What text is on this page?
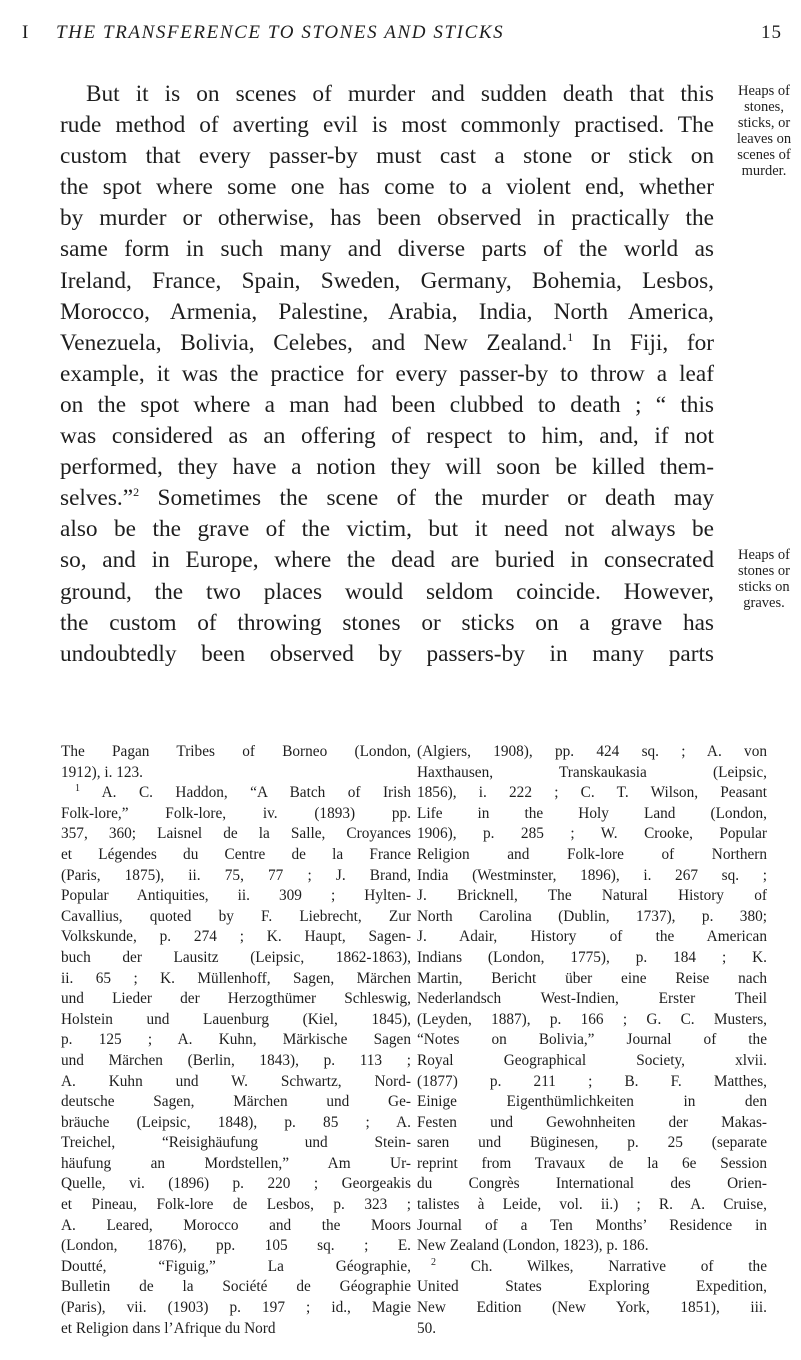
I THE TRANSFERENCE TO STONES AND STICKS	15
But it is on scenes of murder and sudden death that this
rude method of averting evil is most commonly practised. The
custom that every passer-by must cast a stone or stick on
the spot where some one has come to a violent end, whether
by murder or otherwise, has been observed in practically the
same form in such many and diverse parts of the world as
Ireland, France, Spain, Sweden, Germany, Bohemia, Lesbos,
Morocco, Armenia, Palestine, Arabia, India, North America,
Venezuela, Bolivia, Celebes, and New Zealand.$^1$ In Fiji, for
example, it was the practice for every passer-by to throw a leaf
on the spot where a man had been clubbed to death ; “ this
was considered as an offering of respect to him, and, if not
performed, they have a notion they will soon be killed them-
selves.”$^2$ Sometimes the scene of the murder or death may
also be the grave of the victim, but it need not always be
so, and in Europe, where the dead are buried in consecrated
ground, the two places would seldom coincide. However,
the custom of throwing stones or sticks on a grave has
undoubtedly been observed by passers-by in many parts
Heaps of
stones,
sticks, or
leaves on
scenes of
murder.
Heaps of
stones or
sticks on
graves.
The Pagan Tribes of Borneo (London,
1912), i. 123.
$^1$ A. C. Haddon, “A Batch of Irish
Folk-lore,” Folk-lore, iv. (1893) pp.
357, 360; Laisnel de la Salle, Croyances
et Légendes du Centre de la France
(Paris, 1875), ii. 75, 77 ; J. Brand,
Popular Antiquities, ii. 309 ; Hylten-
Cavallius, quoted by F. Liebrecht, Zur
Volkskunde, p. 274 ; K. Haupt, Sagen-
buch der Lausitz (Leipsic, 1862-1863),
ii. 65 ; K. Müllenhoff, Sagen, Märchen
und Lieder der Herzogthümer Schleswig,
Holstein und Lauenburg (Kiel, 1845),
p. 125 ; A. Kuhn, Märkische Sagen
und Märchen (Berlin, 1843), p. 113 ;
A. Kuhn und W. Schwartz, Nord-
deutsche Sagen, Märchen und Ge-
bräuche (Leipsic, 1848), p. 85 ; A.
Treichel, “Reisighäufung und Stein-
häufung an Mordstellen,” Am Ur-
Quelle, vi. (1896) p. 220 ; Georgeakis
et Pineau, Folk-lore de Lesbos, p. 323 ;
A. Leared, Morocco and the Moors
(London, 1876), pp. 105 sq. ; E.
Doutté, “Figuig,” La Géographie,
Bulletin de la Société de Géographie
(Paris), vii. (1903) p. 197 ; id., Magie
et Religion dans l’Afrique du Nord
(Algiers, 1908), pp. 424 sq. ; A. von
Haxthausen, Transkaukasia (Leipsic,
1856), i. 222 ; C. T. Wilson, Peasant
Life in the Holy Land (London,
1906), p. 285 ; W. Crooke, Popular
Religion and Folk-lore of Northern
India (Westminster, 1896), i. 267 sq. ;
J. Bricknell, The Natural History of
North Carolina (Dublin, 1737), p. 380;
J. Adair, History of the American
Indians (London, 1775), p. 184 ; K.
Martin, Bericht über eine Reise nach
Nederlandsch West-Indien, Erster Theil
(Leyden, 1887), p. 166 ; G. C. Musters,
“Notes on Bolivia,” Journal of the
Royal Geographical Society, xlvii.
(1877) p. 211 ; B. F. Matthes,
Einige Eigenthümlichkeiten in den
Festen und Gewohnheiten der Makas-
saren und Büginesen, p. 25 (separate
reprint from Travaux de la 6e Session
du Congrès International des Orien-
talistes à Leide, vol. ii.) ; R. A. Cruise,
Journal of a Ten Months’ Residence in
New Zealand (London, 1823), p. 186.
$^2$ Ch. Wilkes, Narrative of the
United States Exploring Expedition,
New Edition (New York, 1851), iii.
50.
